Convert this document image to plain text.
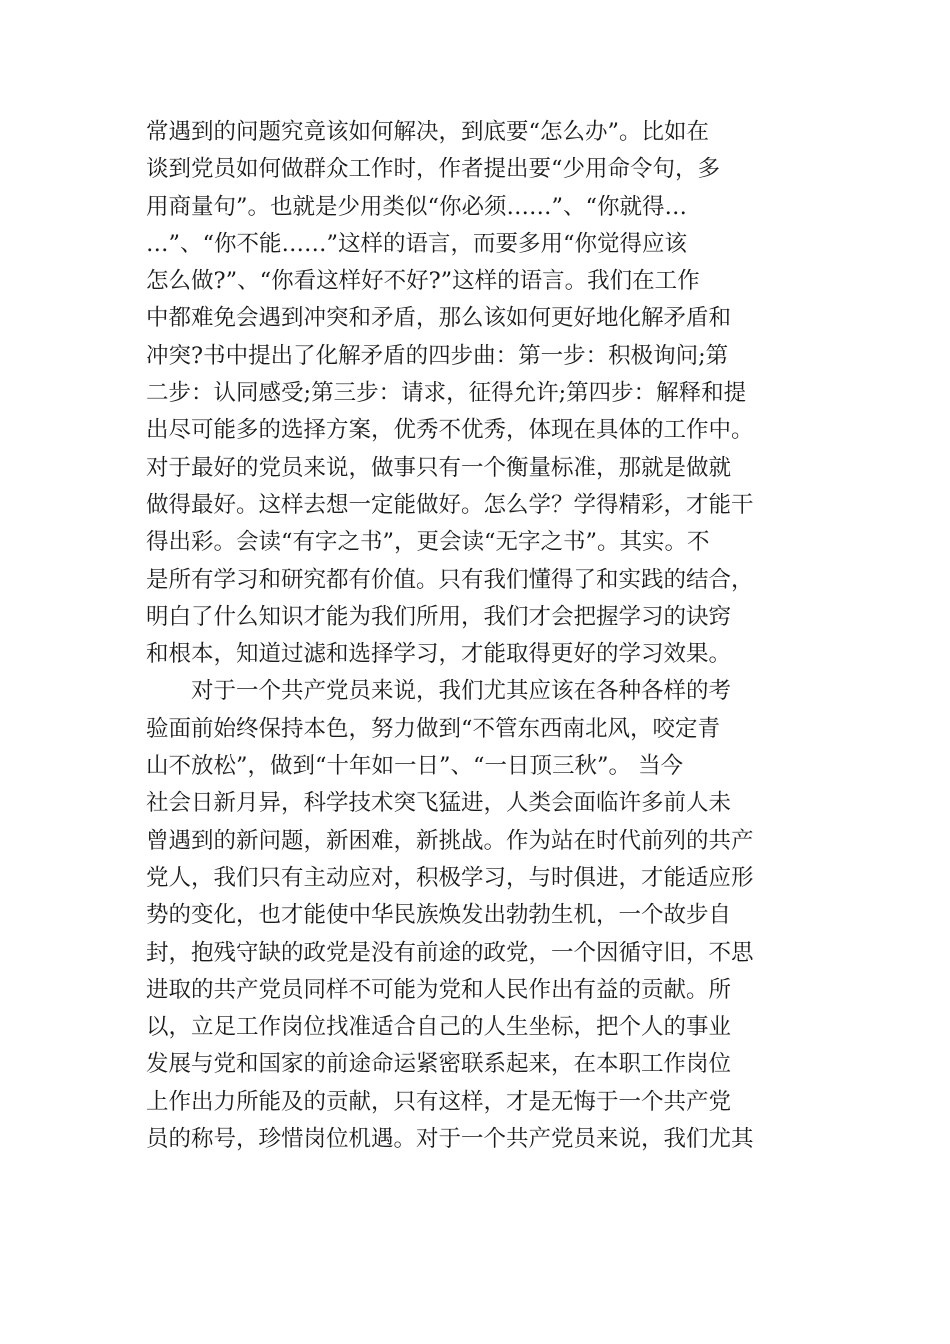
常遇到的问题究竟该如何解决，到底要“怎么办”。比如在
谈到党员如何做群众工作时，作者提出要“少用命令句，多
用商量句”。也就是少用类似“你必须……”、“你就得…
…”、“你不能……”这样的语言，而要多用“你觉得应该
怎么做?”、“你看这样好不好?”这样的语言。我们在工作
中都难免会遇到冲突和矛盾，那么该如何更好地化解矛盾和
冲突?书中提出了化解矛盾的四步曲：第一步：积极询问;第
二步：认同感受;第三步：请求，征得允许;第四步：解释和提
出尽可能多的选择方案，优秀不优秀，体现在具体的工作中。
对于最好的党员来说，做事只有一个衡量标准，那就是做就
做得最好。这样去想一定能做好。怎么学？学得精彩，才能干
得出彩。会读“有字之书”，更会读“无字之书”。其实。不
是所有学习和研究都有价值。只有我们懂得了和实践的结合，
明白了什么知识才能为我们所用，我们才会把握学习的诀窍
和根本，知道过滤和选择学习，才能取得更好的学习效果。
　　对于一个共产党员来说，我们尤其应该在各种各样的考
验面前始终保持本色，努力做到“不管东西南北风，咬定青
山不放松”，做到“十年如一日”、“一日顶三秋”。 当今
社会日新月异，科学技术突飞猛进，人类会面临许多前人未
曾遇到的新问题，新困难，新挑战。作为站在时代前列的共产
党人，我们只有主动应对，积极学习，与时俱进，才能适应形
势的变化，也才能使中华民族焕发出勃勃生机，一个故步自
封，抱残守缺的政党是没有前途的政党，一个因循守旧，不思
进取的共产党员同样不可能为党和人民作出有益的贡献。所
以，立足工作岗位找准适合自己的人生坐标，把个人的事业
发展与党和国家的前途命运紧密联系起来，在本职工作岗位
上作出力所能及的贡献，只有这样，才是无悔于一个共产党
员的称号，珍惜岗位机遇。对于一个共产党员来说，我们尤其
